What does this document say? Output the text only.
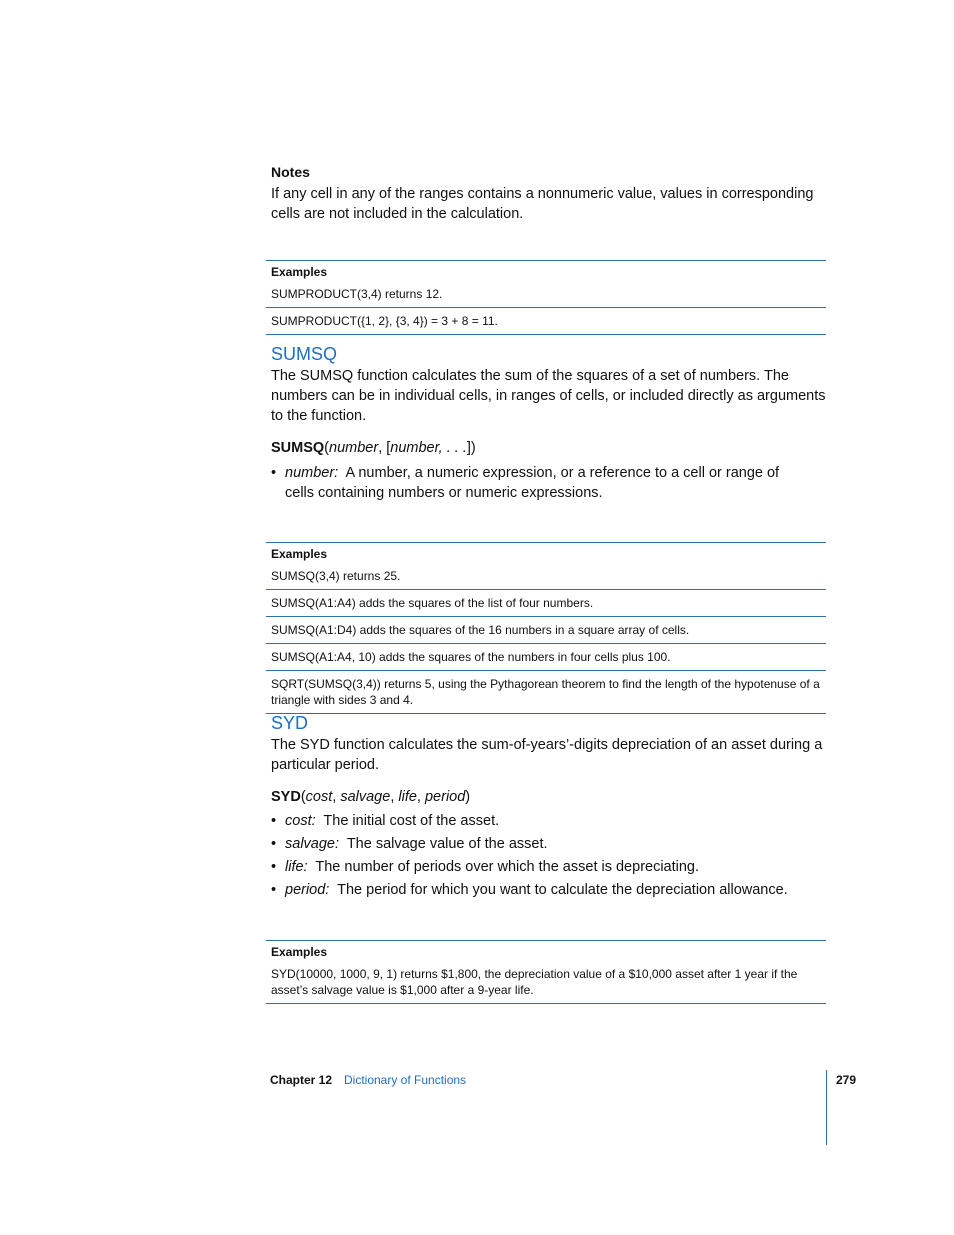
Notes
If any cell in any of the ranges contains a nonnumeric value, values in corresponding cells are not included in the calculation.
Examples
SUMPRODUCT(3,4) returns 12.
SUMPRODUCT({1, 2}, {3, 4}) = 3 + 8 = 11.
SUMSQ
The SUMSQ function calculates the sum of the squares of a set of numbers. The numbers can be in individual cells, in ranges of cells, or included directly as arguments to the function.
SUMSQ(number, [number, . . .])
• number: A number, a numeric expression, or a reference to a cell or range of cells containing numbers or numeric expressions.
Examples
SUMSQ(3,4) returns 25.
SUMSQ(A1:A4) adds the squares of the list of four numbers.
SUMSQ(A1:D4) adds the squares of the 16 numbers in a square array of cells.
SUMSQ(A1:A4, 10) adds the squares of the numbers in four cells plus 100.
SQRT(SUMSQ(3,4)) returns 5, using the Pythagorean theorem to find the length of the hypotenuse of a triangle with sides 3 and 4.
SYD
The SYD function calculates the sum-of-years’-digits depreciation of an asset during a particular period.
SYD(cost, salvage, life, period)
• cost: The initial cost of the asset.
• salvage: The salvage value of the asset.
• life: The number of periods over which the asset is depreciating.
• period: The period for which you want to calculate the depreciation allowance.
Examples
SYD(10000, 1000, 9, 1) returns $1,800, the depreciation value of a $10,000 asset after 1 year if the asset’s salvage value is $1,000 after a 9-year life.
Chapter 12 Dictionary of Functions	279
